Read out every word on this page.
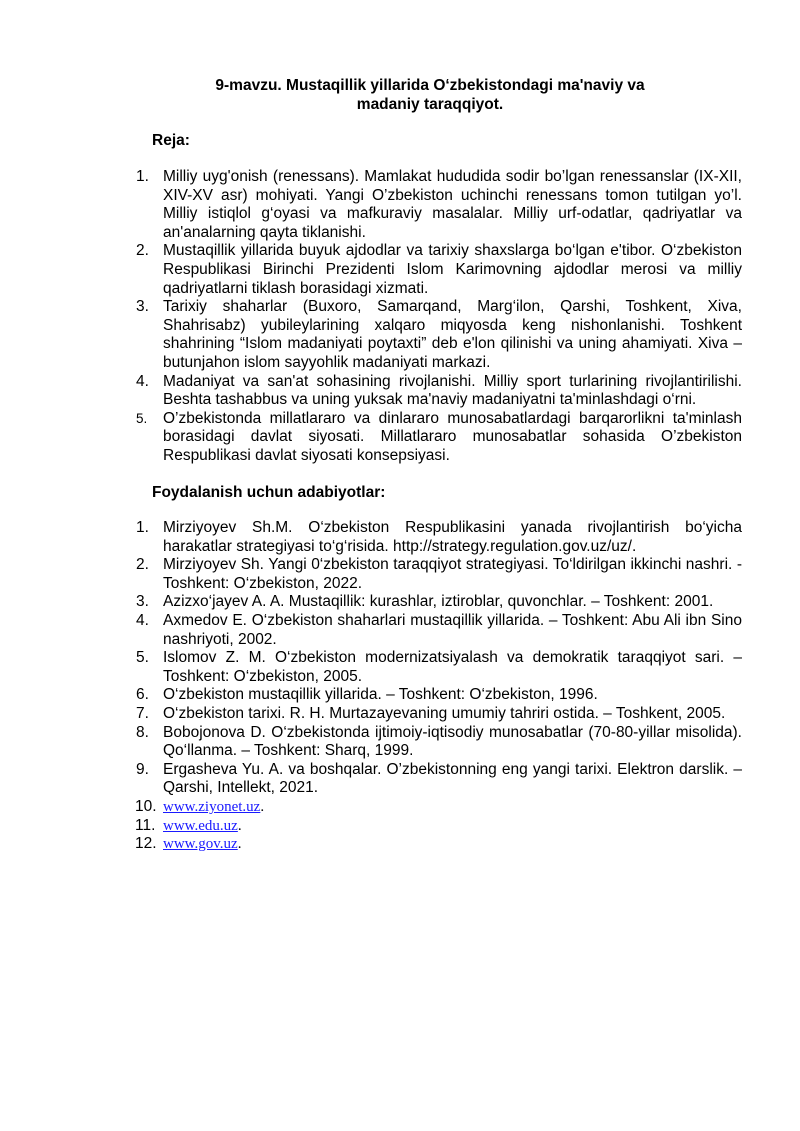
9-mavzu. Mustaqillik yillarida O‘zbekistondagi ma'naviy va
madaniy taraqqiyot.
Reja:
1. Milliy uyg'onish (renessans). Mamlakat hududida sodir bo’lgan renessanslar (IX-XII, XIV-XV asr) mohiyati. Yangi O’zbekiston uchinchi renessans tomon tutilgan yo’l. Milliy istiqlol g‘oyasi va mafkuraviy masalalar. Milliy urf-odatlar, qadriyatlar va an'analarning qayta tiklanishi.
2. Mustaqillik yillarida buyuk ajdodlar va tarixiy shaxslarga bo‘lgan e'tibor. O‘zbekiston Respublikasi Birinchi Prezidenti Islom Karimovning ajdodlar merosi va milliy qadriyatlarni tiklash borasidagi xizmati.
3. Tarixiy shaharlar (Buxoro, Samarqand, Marg‘ilon, Qarshi, Toshkent, Xiva, Shahrisabz) yubileylarining xalqaro miqyosda keng nishonlanishi. Toshkent shahrining “Islom madaniyati poytaxti” deb e'lon qilinishi va uning ahamiyati. Xiva – butunjahon islom sayyohlik madaniyati markazi.
4. Madaniyat va san'at sohasining rivojlanishi. Milliy sport turlarining rivojlantirilishi. Beshta tashabbus va uning yuksak ma'naviy madaniyatni ta'minlashdagi o‘rni.
5.	O’zbekistonda millatlararo va dinlararo munosabatlardagi barqarorlikni ta'minlash borasidagi davlat siyosati. Millatlararo munosabatlar sohasida O’zbekiston Respublikasi davlat siyosati konsepsiyasi.
Foydalanish uchun adabiyotlar:
1. Mirziyoyev Sh.M. O‘zbekiston Respublikasini yanada rivojlantirish bo‘yicha harakatlar strategiyasi to‘g‘risida. http://strategy.regulation.gov.uz/uz/.
2. Mirziyoyev Sh. Yangi 0‘zbekiston taraqqiyot strategiyasi. To‘ldirilgan ikkinchi nashri. - Toshkent: O‘zbekiston, 2022.
3. Azizxo‘jayev A. A. Mustaqillik: kurashlar, iztiroblar, quvonchlar. – Toshkent: 2001.
4. Axmedov E. O‘zbekiston shaharlari mustaqillik yillarida. – Toshkent: Abu Ali ibn Sino nashriyoti, 2002.
5. Islomov Z. M. O‘zbekiston modernizatsiyalash va demokratik taraqqiyot sari. – Toshkent: O‘zbekiston, 2005.
6. O‘zbekiston mustaqillik yillarida. – Toshkent: O‘zbekiston, 1996.
7. O‘zbekiston tarixi. R. H. Murtazayevaning umumiy tahriri ostida. – Toshkent, 2005.
8. Bobojonova D. O‘zbekistonda ijtimoiy-iqtisodiy munosabatlar (70-80-yillar misolida). Qo‘llanma. – Toshkent: Sharq, 1999.
9. Ergasheva Yu. A. va boshqalar. O’zbekistonning eng yangi tarixi. Elektron darslik. – Qarshi, Intellekt, 2021.
10. www.ziyonet.uz.
11. www.edu.uz.
12. www.gov.uz.
